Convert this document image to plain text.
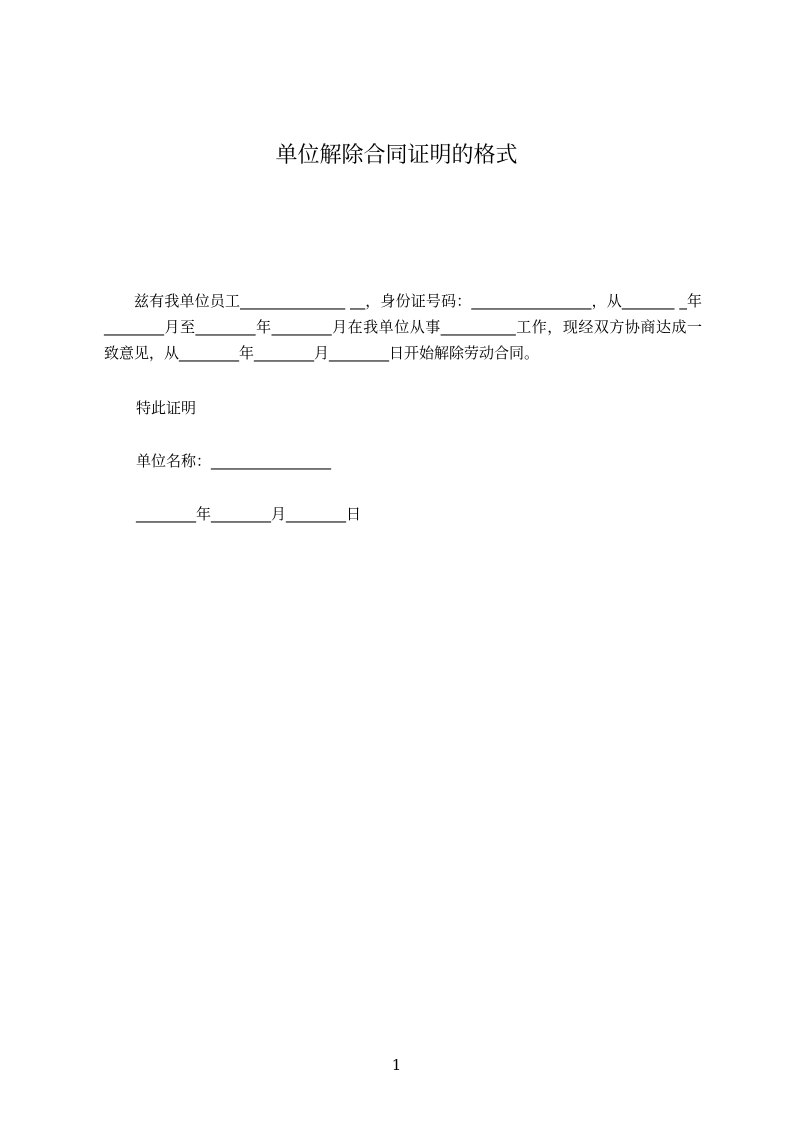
单位解除合同证明的格式
兹有我单位员工______________ __，身份证号码：________________，从_______ _年________月至________年________月在我单位从事__________工作，现经双方协商达成一致意见，从________年________月________日开始解除劳动合同。
特此证明
单位名称：________________
________年________月________日
1
